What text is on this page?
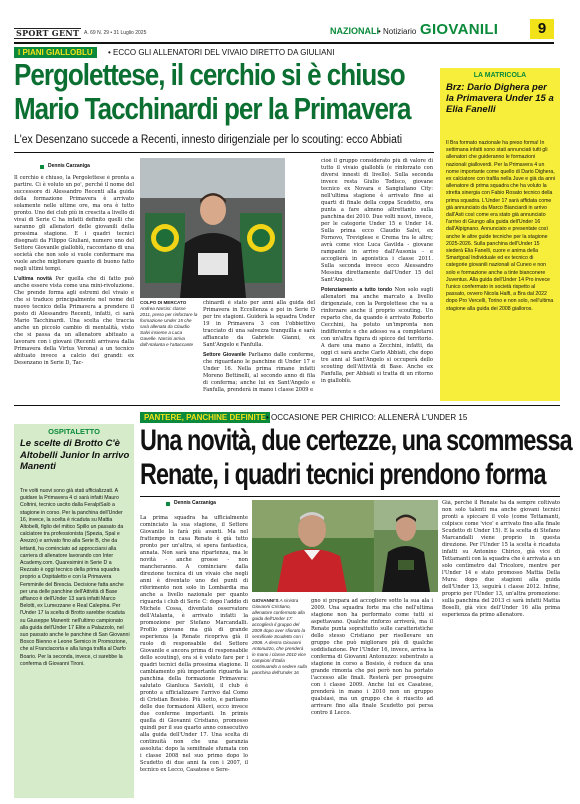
SPORT GENT A. 69 N. 29 • 31 Luglio 2025	NAZIONALI • Notiziario GIOVANILI	9
I PIANI GIALLOBLU	• ECCO GLI ALLENATORI DEL VIVAIO DIRETTO DA GIULIANI
Pergolettese, il cerchio si è chiuso
Mario Tacchinardi per la Primavera
L'ex Desenzano succede a Recenti, innesto dirigenziale per lo scouting: ecco Abbiati
Dennis Carzaniga

Il cerchio è chiuso, la Pergolettese è pronta a partire. Ci è voluto un po', perché il nome del successore di Alessandro Recenti alla guida della formazione Primavera è arrivato solamente nelle ultime ore, ma ora è tutto pronto. Uno dei club più in crescita a livello di vivai di Serie C ha infatti definito quelli che saranno gli allenatori delle giovanili della prossima stagione. E i quadri tecnici disegnati da Filippo Giuliani, numero uno del Settore Giovanile gialloblù, raccontano di una società che non solo si vuole confermare ma vuole anche migliorare quanto di buono fatto negli ultimi tempi.

L'ultima novità Per quella che di fatto può anche essere vista come una mini-rivoluzione. Che prende forma agli estremi del vivaio e che si traduce principalmente nel nome del nuovo tecnico della Primavera a prendere il posto di Alessandro Recenti, infatti, ci sarà Mario Tacchinardi. Una scelta che traccia anche un piccolo cambio di mentalità, visto che si passa da un allenatore abituato a lavorare con i giovani (Recenti arrivava dalla Primavera della Virtus Verona) a un tecnico abituato invece a calcio dei grandi: ex Desenzano in Serie D, Tac-

COLPO DI MERCATO Andrea Narcisi: classe 2011, preso per rinforzare la formazione Under 15 che sarà allenata da Claudio Salvi insieme a Luca Gavelle. Narcisi arriva dall'Atalanta e l'attaccante

chinardi è stato per anni alla guida del Primavera in Eccellenza e poi in Serie D per tre stagioni. Guiderà la squadra Under 19 in Primavera 3 con l'obbiettivo tracciato di una salvezza tranquilla e sarà affiancato da Gabriele Gianni, ex Sant'Angelo e Fanfulla.

Settore Giovanile Parliamo dalle conferme, che riguardano le panchine di Under 17 e Under 16. Nella prima rimane infatti Moreno Bettinelli, al secondo anno di fila di conferma; anche lui ex Sant'Angelo e Fanfulla, prenderà in mano i classe 2009 e

cioè il gruppo considerato più di valore di tutto il vivaio gialloblù (e rinforzato con diversi innesti di livello). Sulla seconda invece resta Giulio Todisco, giovane tecnico ex Novara e Sangiuliano City: nell'ultima stagione è arrivato fino ai quarti di finale della coppa Scudetto, ora punta a fare almeno altrettanto sulla panchina dei 2010. Due volti nuovi, invece, per le categorie Under 15 e Under 14. Sulla prima ecco Claudio Salvi, ex Fornovo, Treviglese e Crema tra le altre; avrà come vice Luca Gavilda - giovane rampante in arrivo dall'Ausonia - e accoglierà in agonistica i classe 2011. Sulla seconda invece ecco Alessandro Messina direttamente dall'Under 15 del Sant'Angelo.

Potenziamento a tutto tondo Non solo sugli allenatori ma anche marcato a livello dirigenziale, con la Pergolettese che va a rinforzare anche il proprio scouting. Un reparto che, da quando è arrivato Roberto Cecchini, ha potuto un'impronta non indifferente e che adesso va a completarsi con un'altra figura di spicco del territorio. A dare una mano a Zecchini, infatti, da oggi ci sarà anche Carlo Abbiati, che dopo tre anni al Sant'Angelo si occuperà dello scouting dell'Attività di Base. Anche ex Fanfulla, per Abbiati si tratta di un ritorno in gialloblù.

LA MATRICOLA
Brz: Dario Dighera per la Primavera Under 15 a Elia Fanelli
Il Bra formato nazionale ha preso forma! In settimana infatti sono stati annunciati tutti gli allenatori che guideranno le formazioni nazionali gialloverdi. Per la Primavera 4 un nome importante come quello di Dario Dighera, ex calciatore con trafila nella Juve e già da anni allenatore di prima squadra che ha voluto la stretta sinergia con Fabio Rosato tecnico della prima squadra. L'Under 17 sarà affidata come già annunciato da Marco Bianciardi in arrivo dall'Asti così come era stato già annunciato l'arrivo di Giungo alla guida dell'Under 16 dall'Alpignano. Annunciato e presentate così anche le altre guide tecniche per la stagione 2025-2026. Sulla panchina dell'Under 15 siederà Elia Fanelli, cuore e anima della Smartgoal Individuale ed ex tecnico di categorie giovanili nazionali al Cuneo e non solo e formazione anche a tinte bianconere Juventus. Alla guida dell'Under 14 Pro invece l'unico confermato in società rispetto al passato, ovvero Nicola Halfi, a Bra dal 2022 dopo Pro Vercelli, Torino e non solo, nell'ultima stagione alla guida dei 2008 gialloros.
PANTERE, PANCHINE DEFINITE • OCCASIONE PER CHIRICO: ALLENERÀ L'UNDER 15
Una novità, due certezze, una scommessa
Renate, i quadri tecnici prendono forma
Dennis Carzaniga

La prima squadra ha ufficialmente cominciato la sua stagione, il Settore Giovanile lo farà più avanti. Ma nel frattempo in casa Renate è già tutto pronto per un'altra, si spera fantastica, annata. Non sarà una ripartenza, ma le novità - anche grosse - non mancheranno. A cominciare dalla direzione tecnica di un vivaio che negli anni è diventato uno dei punti di riferimento non solo in Lombardia ma anche a livello nazionale per quanto riguarda i club di Serie C: dopo l'addio di Michele Cossa, diventato osservatore dell'Atalanta, è arrivato infatti la promozione per Stefano Marcandalli. Profilo giovane ma già di grande esperienza (a Renate ricopriva già il ruolo di responsabile del Settore Giovanile e ancora prima di responsabile dello scouting), ora si è voluto fare per i quadri tecnici della prossima stagione. Il cambiamento più importante riguarda la panchina della formazione Primavera: salutato Gianluca Saviolii, il club è pronto a ufficializzare l'arrivo dal Como di Cristian Bosisio. Più sotto, e parliamo delle due formazioni Allievi, ecco invece due conferme importanti. In primis quella di Giovanni Cristiano, promosso quindi per il suo quarto anno consecutivo alla guida dell'Under 17. Una scelta di continuità non che una garanzia assoluta: dopo la semifinale sfumata con i classe 2008 nel suo primo dopo lo Scudetto di due anni fa con i 2007, il tecnico ex Lecco, Casatese e Sere-

GIOVANNI'S A sinistra Giovanni Cristiano, allenatore confermato alla guida dell'Under 17: accoglierà il gruppo del 2009 dopo aver sfiorato la semifinale Scudetto con i 2008. A destra Giovanni Antonuzzo, che prenderà in mano i classe 2010 vice campioni d'Italia continuando a sedere sulla panchina dell'Under 16

gno si prepara ad accogliere sotto la sua ala i 2009. Una squadra forte ma che nell'ultima stagione non ha performato come tutti si aspettavano. Qualche rinforzo arriverà, ma il Renate punta soprattutto sulle caratteristiche dello stesso Cristiano per risollevare un gruppo che può migliorare più di qualche soddisfazione. Per l'Under 16, invece, arriva la conferma di Giovanni Antonuzzo: subentrato a stagione in corso a Bosisio, è reduce da una grande rimonta che poi però non ha portato l'accesso alle finali. Resterà per proseguire con i classe 2009. Anche lui ex Casatese, prenderà in mano i 2010 non un gruppo qualsiasi, ma un gruppo che è riuscito ad arrivare fino alla finale Scudetto poi persa contro il Lecco.

Già, perché il Renate ha da sempre coltivato non solo talenti ma anche giovani tecnici pronti a spiccare il volo (come Tettamanti, colpisce come 'vice' e arrivato fino alla finale Scudetto di Under 15). E la scelta di Stefano Marcandalli viene proprio in questa direzione. Per l'Under 15 la scelta è ricaduta infatti su Antonino Chirico, già vice di Tettamanti con la squadra che è arrivata a un solo centimetro dal Tricolore, mentre per l'Under 14 e stato promosso Mattia Della Mura: dopo due stagioni alla guida dell'Under 13, seguirà i classe 2012. Infine, proprio per l'Under 13, un'altra promozione: sulla panchina del 2013 ci sarà infatti Mattia Boselli, già vice dell'Under 16 alla prima esperienza da primo allenatore.

OSPITALETTO
Le scelte di Brotto C'è Altobelli Junior In arrivo Manenti
Tre volti nuovi sono già stati ufficializzati. A guidare la Primavera 4 ci sarà infatti Mauro Coltrini, tecnico uscito dalla FeralpiSalò a stagione in corso. Per la panchina dell'Under 16, invece, la scelta è ricaduta su Mattia Altobelli, figlio del mitico Spillo un passato da calciatore tra professionista (Spezia, Spal e Arezzo) e arrivato fino alla Serie B, che da lettanti, ha cominciato ad approcciarsi alla carriera di allenatore lavorando con Inter Academy.com. Quaresimini in Serie D a Rezzato è oggi tecnico della prima squadra proprio a Ospitaletto e con la Primavera Femminile del Brescia. Decisione fatta anche per una delle panchine dell'Attività di Base affianco è dell'Under 13 sarà infatti Marco Belotti, ex Lumezzane e Real Calepina. Per l'Under 17 la scelta di Brotto sarebbe ricaduta su Giuseppe Manenti: nell'ultimo campionato alla guida dell'Under 17 Elite a Palazzolo, nel suo passato anche le panchine di San Giovanni Bosco Bienno e Leone Semico in Promozione, che al Franciacorta e alla lunga trafila al Darfo Boario. Per la seconda, invece, ci sarebbe la conferma di Giovanni Tironi.
